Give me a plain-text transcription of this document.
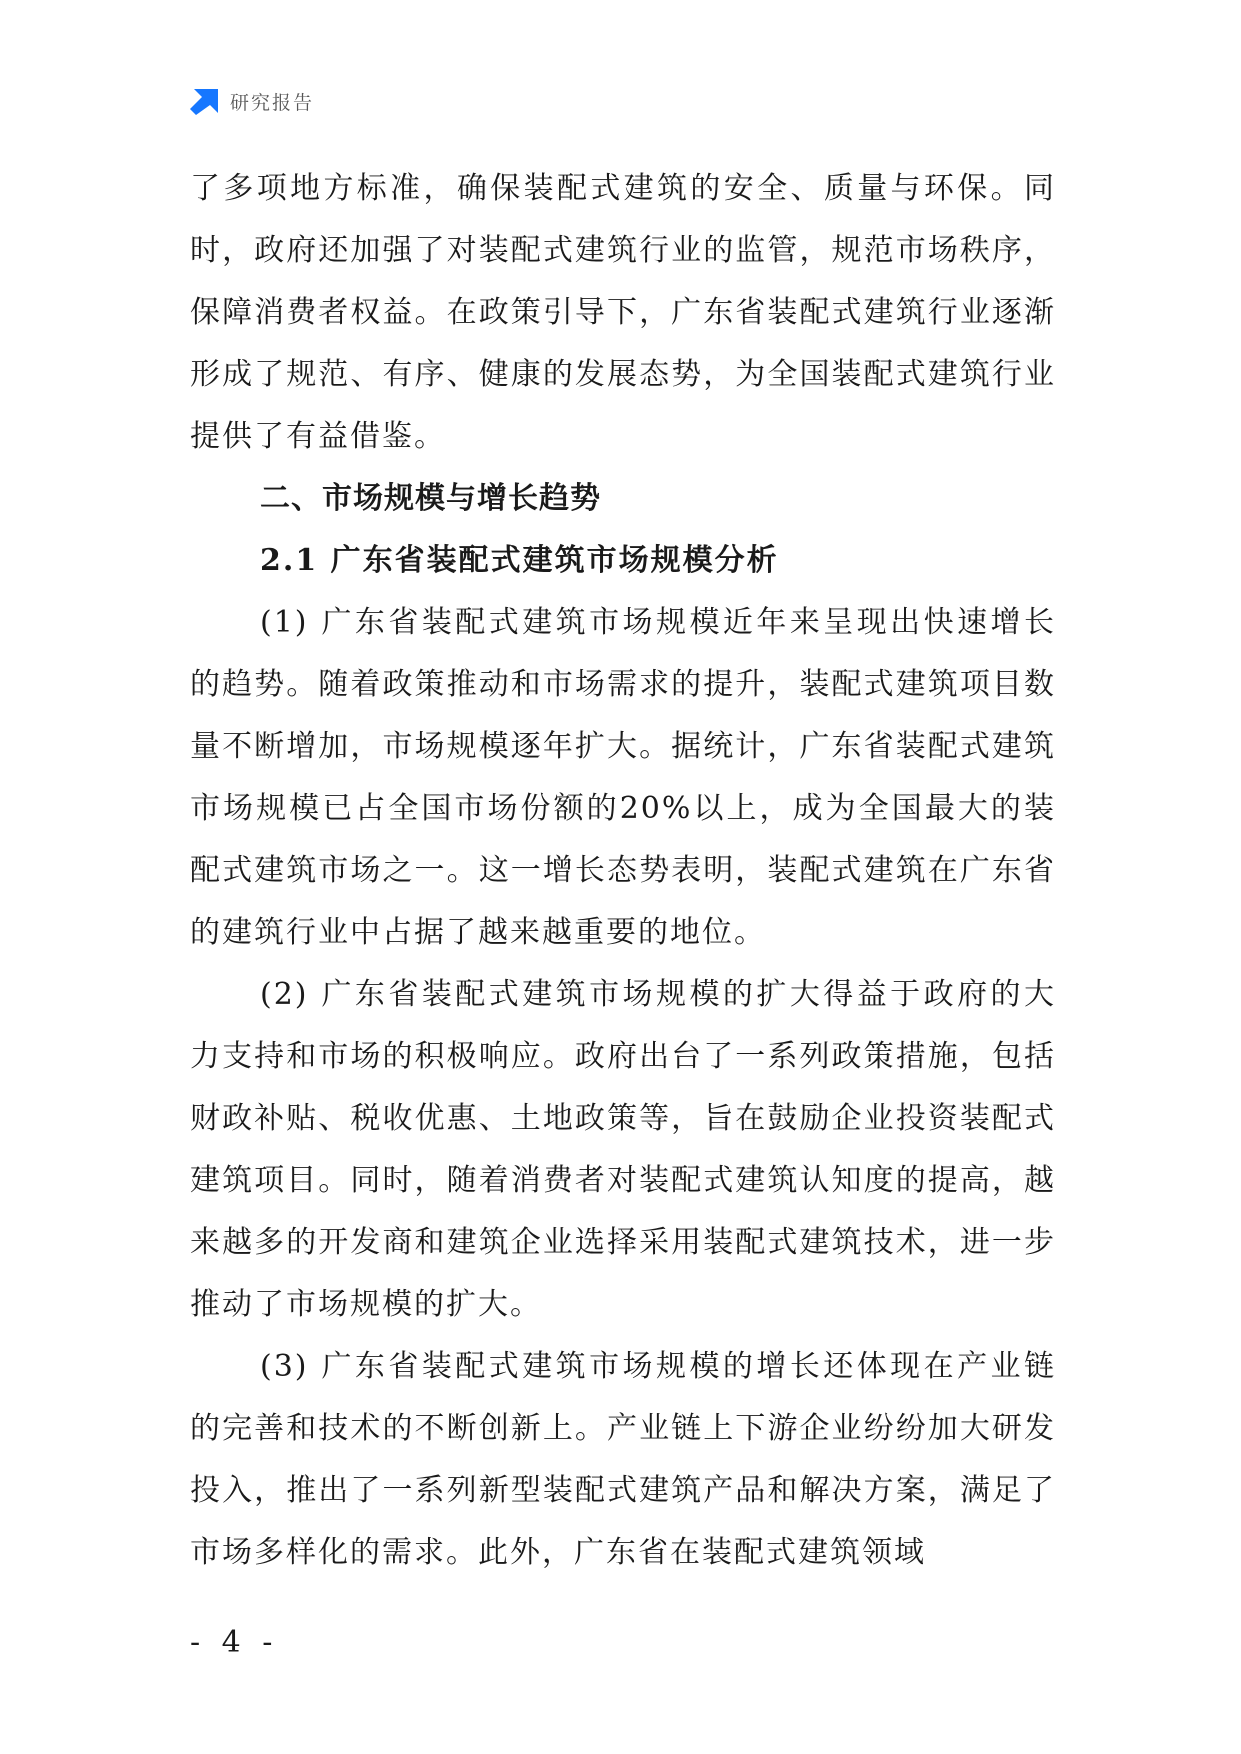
研究报告

了多项地方标准，确保装配式建筑的安全、质量与环保。同时，政府还加强了对装配式建筑行业的监管，规范市场秩序，保障消费者权益。在政策引导下，广东省装配式建筑行业逐渐形成了规范、有序、健康的发展态势，为全国装配式建筑行业提供了有益借鉴。

二、市场规模与增长趋势
2.1 广东省装配式建筑市场规模分析

(1) 广东省装配式建筑市场规模近年来呈现出快速增长的趋势。随着政策推动和市场需求的提升，装配式建筑项目数量不断增加，市场规模逐年扩大。据统计，广东省装配式建筑市场规模已占全国市场份额的20%以上，成为全国最大的装配式建筑市场之一。这一增长态势表明，装配式建筑在广东省的建筑行业中占据了越来越重要的地位。

(2) 广东省装配式建筑市场规模的扩大得益于政府的大力支持和市场的积极响应。政府出台了一系列政策措施，包括财政补贴、税收优惠、土地政策等，旨在鼓励企业投资装配式建筑项目。同时，随着消费者对装配式建筑认知度的提高，越来越多的开发商和建筑企业选择采用装配式建筑技术，进一步推动了市场规模的扩大。

(3) 广东省装配式建筑市场规模的增长还体现在产业链的完善和技术的不断创新上。产业链上下游企业纷纷加大研发投入，推出了一系列新型装配式建筑产品和解决方案，满足了市场多样化的需求。此外，广东省在装配式建筑领域

- 4 -
